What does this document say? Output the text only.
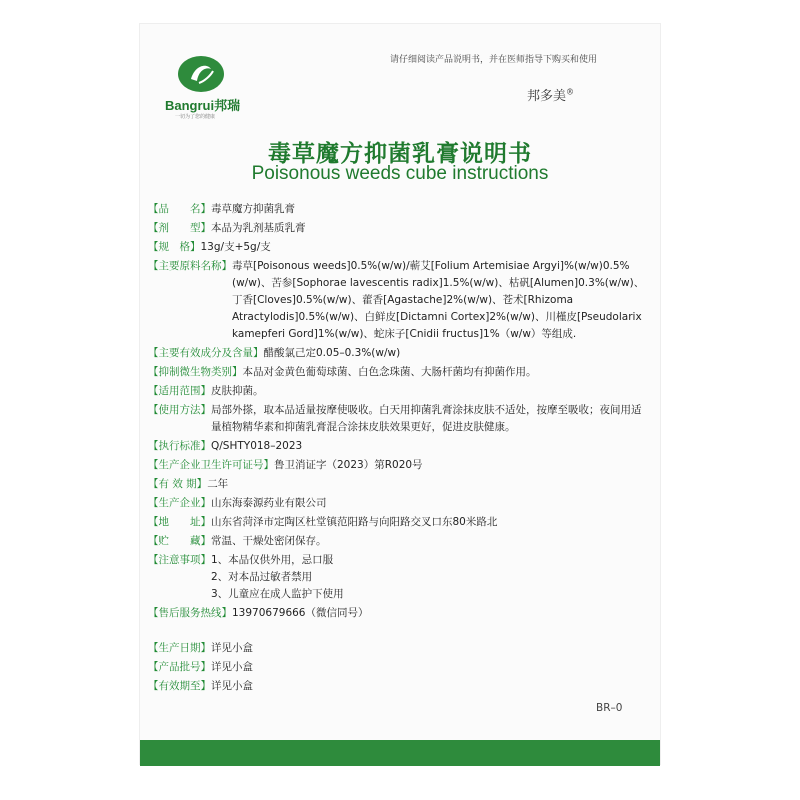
Bangrui邦瑞
一切为了您的健康
请仔细阅读产品说明书，并在医师指导下购买和使用
邦多美®
毒草魔方抑菌乳膏说明书
Poisonous weeds cube instructions
【品　　名】 毒草魔方抑菌乳膏
【剂　　型】 本品为乳剂基质乳膏
【规　格】 13g/支+5g/支
【主要原料名称】 毒草[Poisonous weeds]0.5%(w/w)/蕲艾[Folium Artemisiae Argyi]%(w/w)0.5%(w/w)、苦参[Sophorae lavescentis radix]1.5%(w/w)、枯矾[Alumen]0.3%(w/w)、丁香[Cloves]0.5%(w/w)、藿香[Agastache]2%(w/w)、苍术[Rhizoma Atractylodis]0.5%(w/w)、白鲜皮[Dictamni Cortex]2%(w/w)、川槿皮[Pseudolarix kamepferi Gord]1%(w/w)、蛇床子[Cnidii fructus]1%（w/w）等组成.
【主要有效成分及含量】 醋酸氯己定0.05–0.3%(w/w)
【抑制微生物类别】 本品对金黄色葡萄球菌、白色念珠菌、大肠杆菌均有抑菌作用。
【适用范围】 皮肤抑菌。
【使用方法】 局部外搽，取本品适量按摩使吸收。白天用抑菌乳膏涂抹皮肤不适处，按摩至吸收；夜间用适量植物精华素和抑菌乳膏混合涂抹皮肤效果更好，促进皮肤健康。
【执行标准】 Q/SHTY018–2023
【生产企业卫生许可证号】 鲁卫消证字（2023）第R020号
【有 效 期】 二年
【生产企业】 山东海泰源药业有限公司
【地　　址】 山东省菏泽市定陶区杜堂镇范阳路与向阳路交叉口东80米路北
【贮　　藏】 常温、干燥处密闭保存。
【注意事项】 1、本品仅供外用，忌口服
2、对本品过敏者禁用
3、儿童应在成人监护下使用
【售后服务热线】 13970679666（微信同号）
【生产日期】 详见小盒
【产品批号】 详见小盒
【有效期至】 详见小盒
BR–0
